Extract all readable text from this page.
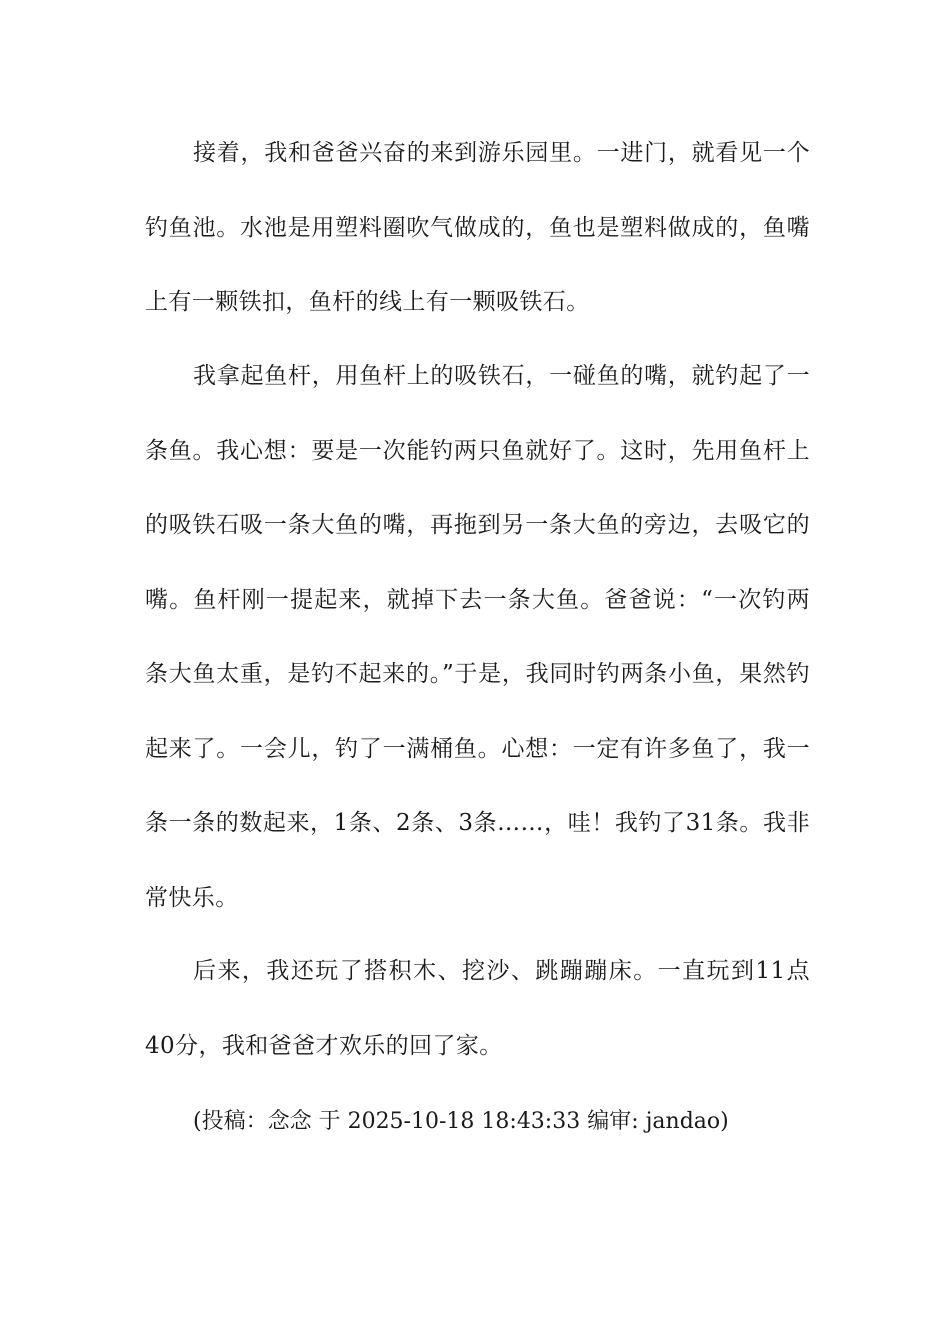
接着，我和爸爸兴奋的来到游乐园里。一进门，就看见一个钓鱼池。水池是用塑料圈吹气做成的，鱼也是塑料做成的，鱼嘴上有一颗铁扣，鱼杆的线上有一颗吸铁石。

我拿起鱼杆，用鱼杆上的吸铁石，一碰鱼的嘴，就钓起了一条鱼。我心想：要是一次能钓两只鱼就好了。这时，先用鱼杆上的吸铁石吸一条大鱼的嘴，再拖到另一条大鱼的旁边，去吸它的嘴。鱼杆刚一提起来，就掉下去一条大鱼。爸爸说：“一次钓两条大鱼太重，是钓不起来的。”于是，我同时钓两条小鱼，果然钓起来了。一会儿，钓了一满桶鱼。心想：一定有许多鱼了，我一条一条的数起来，1条、2条、3条……，哇！我钓了31条。我非常快乐。

后来，我还玩了搭积木、挖沙、跳蹦蹦床。一直玩到11点40分，我和爸爸才欢乐的回了家。

(投稿：念念 于 2025-10-18 18:43:33 编审: jandao)
